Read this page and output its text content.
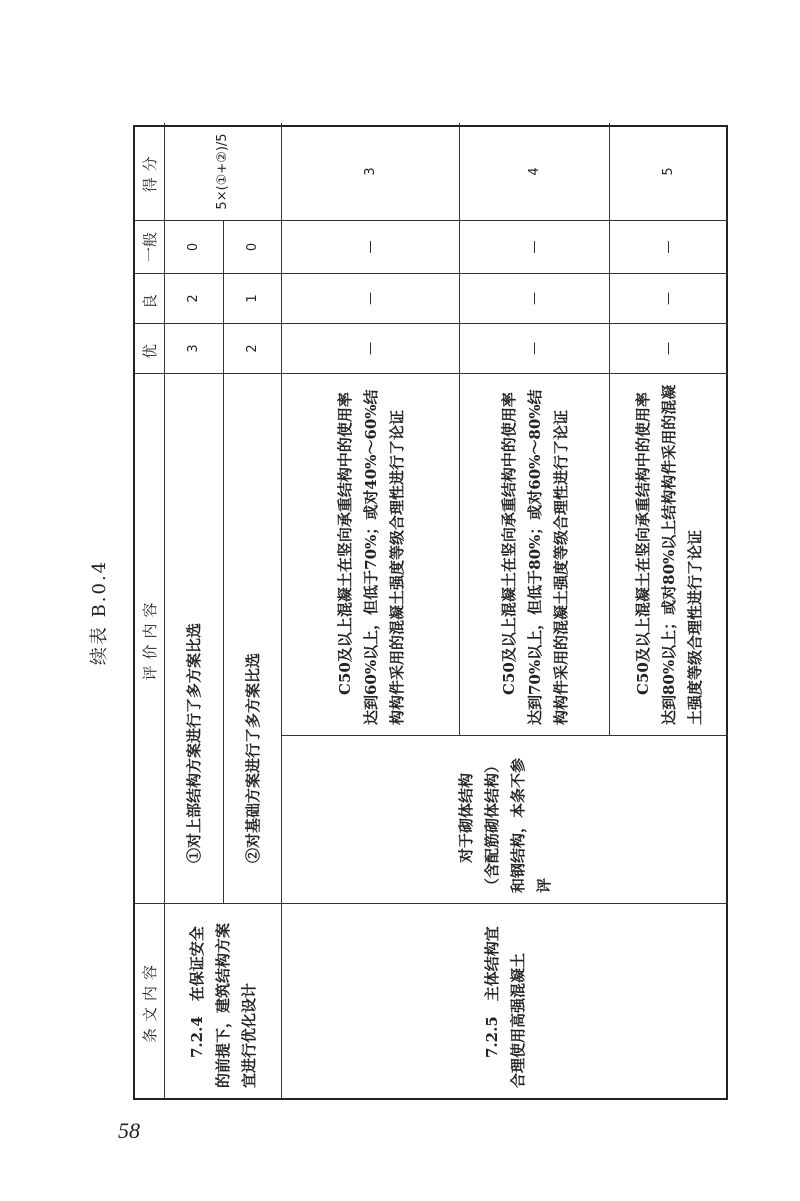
58
续表 B.0.4
条文内容
评价内容
优
良
一般
得分
7.2.4　在保证安全的前提下，建筑结构方案宜进行优化设计
①对上部结构方案进行了多方案比选
3
2
0
②对基础方案进行了多方案比选
2
1
0
5×(①+②)/5
7.2.5　主体结构宜合理使用高强混凝土
对于砌体结构（含配筋砌体结构）和钢结构，本条不参评
C50及以上混凝土在竖向承重结构中的使用率达到60%以上，但低于70%；或对40%～60%结构构件采用的混凝土强度等级合理性进行了论证
—
—
—
3
C50及以上混凝土在竖向承重结构中的使用率达到70%以上，但低于80%；或对60%～80%结构构件采用的混凝土强度等级合理性进行了论证
—
—
—
4
C50及以上混凝土在竖向承重结构中的使用率达到80%以上；或对80%以上结构构件采用的混凝土强度等级合理性进行了论证
—
—
—
5
